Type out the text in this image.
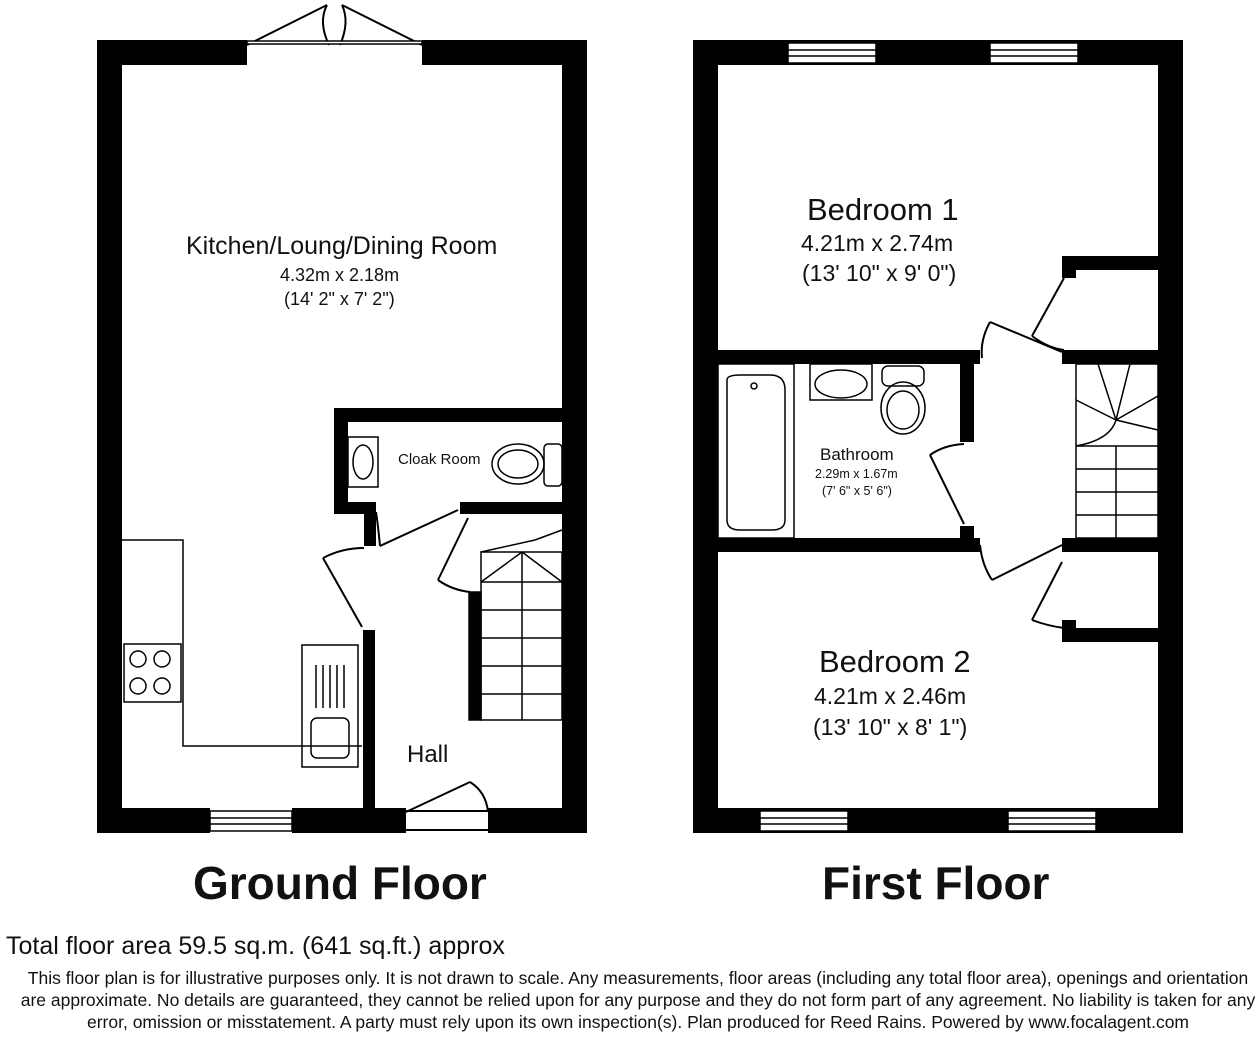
Kitchen/Loung/Dining Room
4.32m x 2.18m
(14' 2" x 7' 2")
Cloak Room
Hall
Bedroom 1
4.21m x 2.74m
(13' 10" x 9' 0")
Bathroom
2.29m x 1.67m
(7' 6" x 5' 6")
Bedroom 2
4.21m x 2.46m
(13' 10" x 8' 1")
Ground Floor	First Floor
Total floor area 59.5 sq.m. (641 sq.ft.) approx
This floor plan is for illustrative purposes only. It is not drawn to scale. Any measurements, floor areas (including any total floor area), openings and orientation are approximate. No details are guaranteed, they cannot be relied upon for any purpose and they do not form part of any agreement. No liability is taken for any error, omission or misstatement. A party must rely upon its own inspection(s). Plan produced for Reed Rains. Powered by www.focalagent.com
